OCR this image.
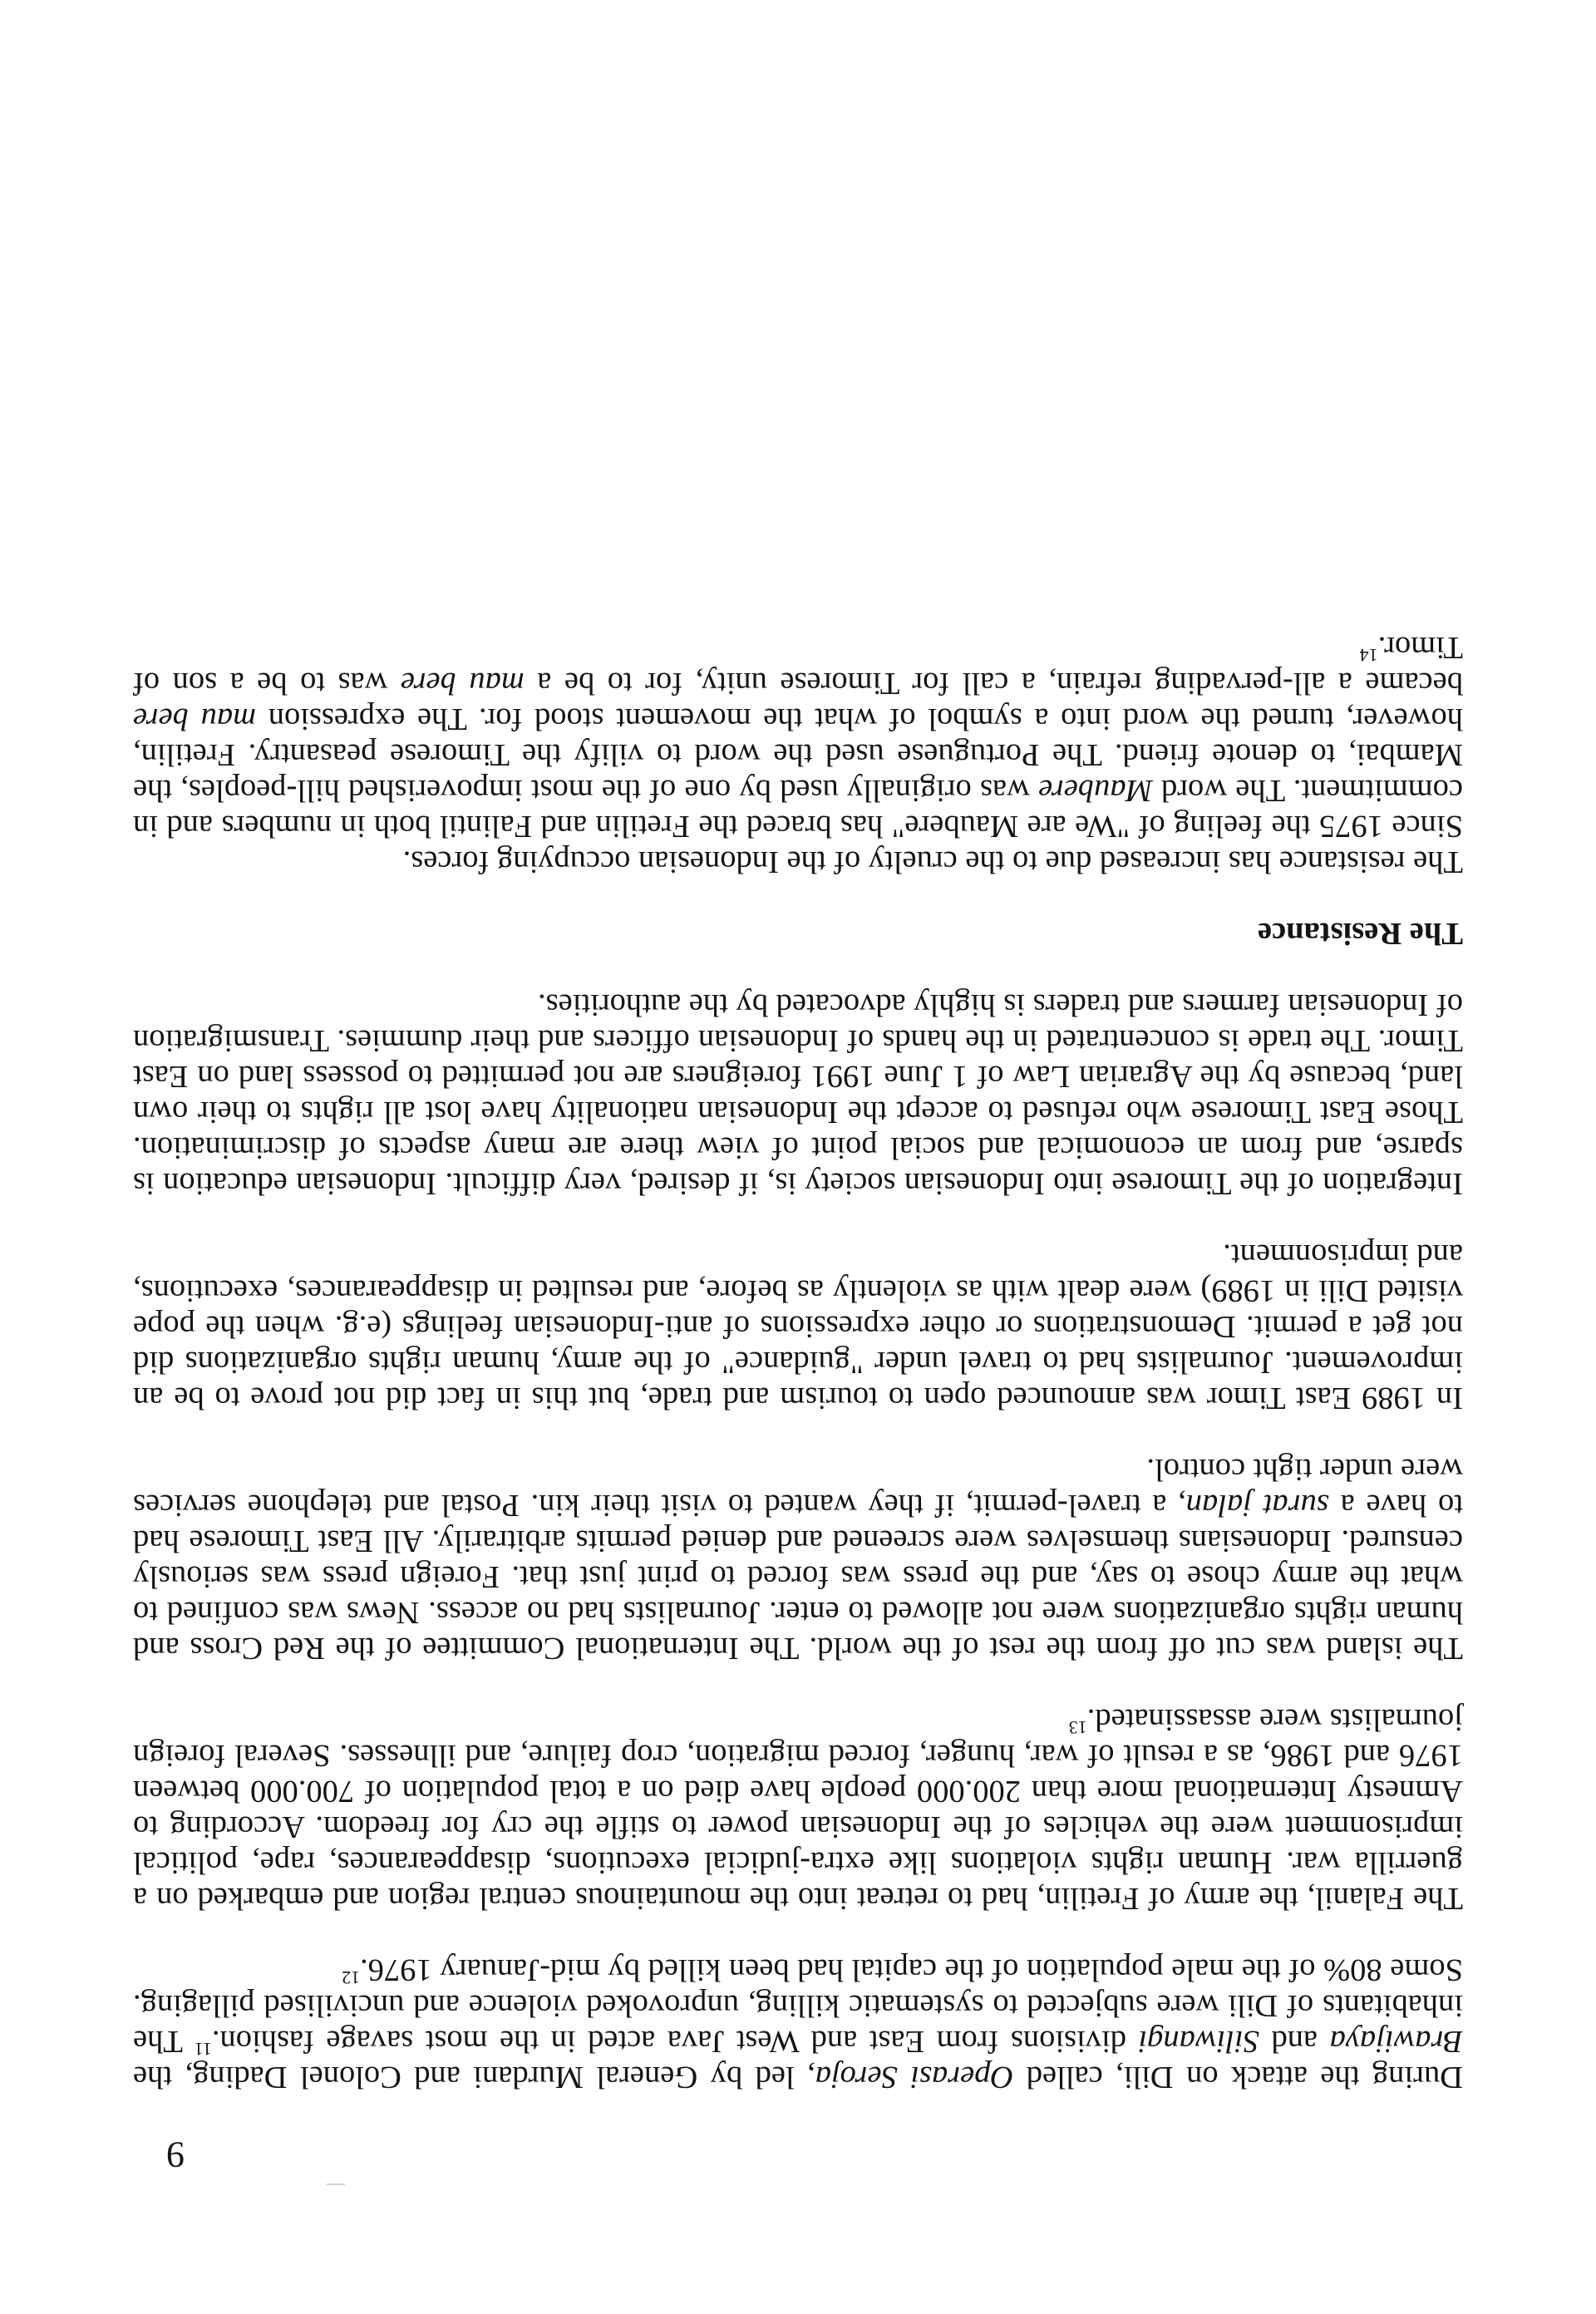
9

During the attack on Dili, called Operasi Seroja, led by General Murdani and Colonel Dading, the Brawijaya and Siliwangi divisions from East and West Java acted in the most savage fashion.$^{11}$ The inhabitants of Dili were subjected to systematic killing, unprovoked violence and uncivilised pillaging. Some 80% of the male population of the capital had been killed by mid-January 1976.12

The Falanil, the army of Fretilin, had to retreat into the mountainous central region and embarked on a guerrilla war. Human rights violations like extra-judicial executions, disappearances, rape, political imprisonment were the vehicles of the Indonesian power to stifle the cry for freedom. According to Amnesty International more than 200.000 people have died on a total population of 700.000 between 1976 and 1986, as a result of war, hunger, forced migration, crop failure, and illnesses. Several foreign journalists were assassinated.$^{13}$

The island was cut off from the rest of the world. The International Committee of the Red Cross and human rights organizations were not allowed to enter. Journalists had no access. News was confined to what the army chose to say, and the press was forced to print just that. Foreign press was seriously censured. Indonesians themselves were screened and denied permits arbitrarily. All East Timorese had to have a surat jalan, a travel-permit, if they wanted to visit their kin. Postal and telephone services were under tight control.

In 1989 East Timor was announced open to tourism and trade, but this in fact did not prove to be an improvement. Journalists had to travel under "guidance" of the army, human rights organizations did not get a permit. Demonstrations or other expressions of anti-Indonesian feelings (e.g. when the pope visited Dili in 1989) were dealt with as violently as before, and resulted in disappearances, executions, and imprisonment.

Integration of the Timorese into Indonesian society is, if desired, very difficult. Indonesian education is sparse, and from an economical and social point of view there are many aspects of discrimination. Those East Timorese who refused to accept the Indonesian nationality have lost all rights to their own land, because by the Agrarian Law of 1 June 1991 foreigners are not permitted to possess land on East Timor. The trade is concentrated in the hands of Indonesian officers and their dummies. Transmigration of Indonesian farmers and traders is highly advocated by the authorities.

The Resistance

The resistance has increased due to the cruelty of the Indonesian occupying forces.

Since 1975 the feeling of "We are Maubere" has braced the Fretilin and Falintil both in numbers and in commitment. The word Maubere was originally used by one of the most impoverished hill-peoples, the Mambai, to denote friend. The Portuguese used the word to vilify the Timorese peasantry. Fretilin, however, turned the word into a symbol of what the movement stood for. The expression mau bere became a all-pervading refrain, a call for Timorese unity, for to be a mau bere was to be a son of Timor.$^{14}$
